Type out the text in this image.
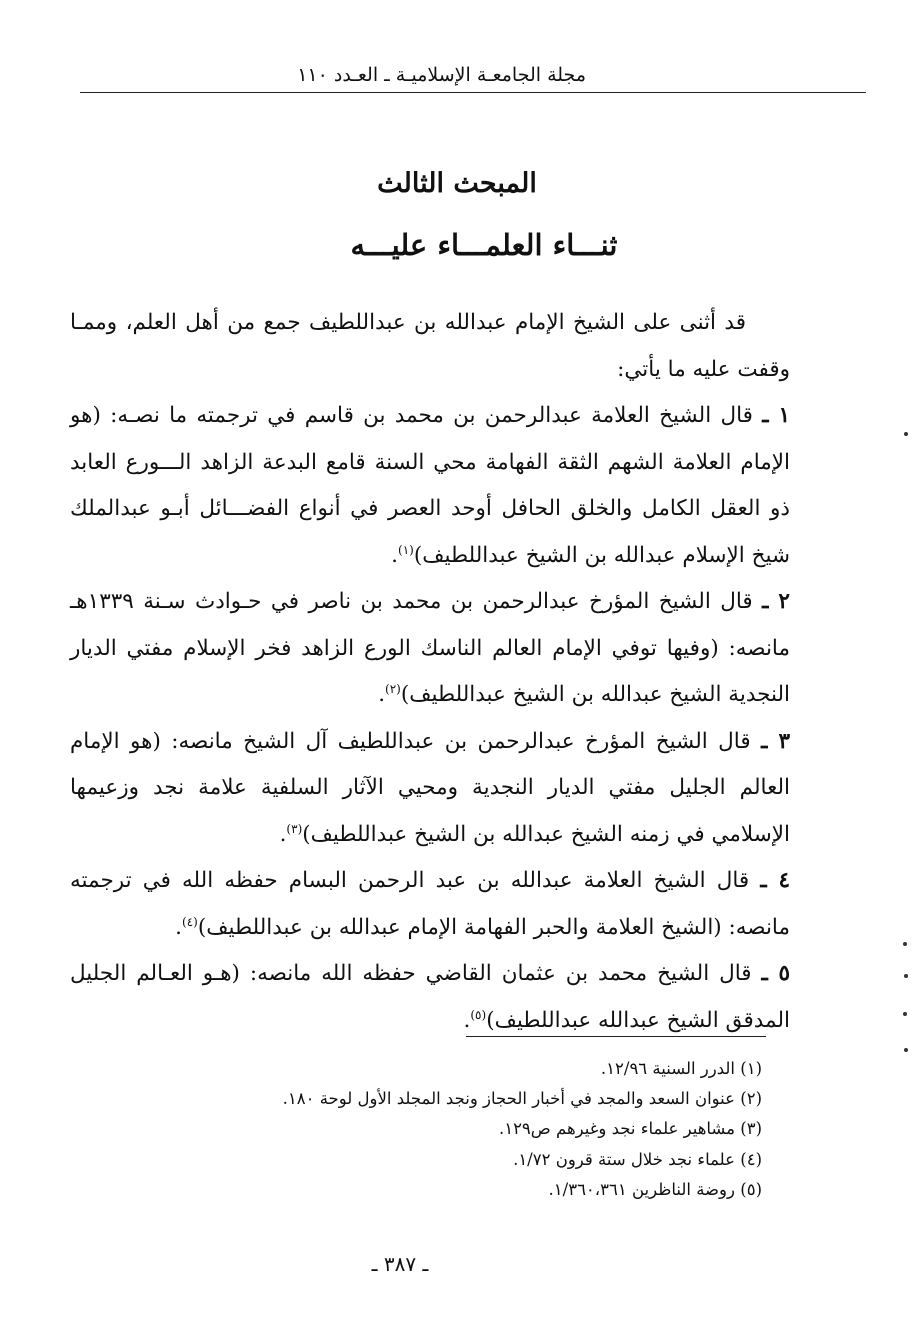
مجلة الجامعـة الإسلاميـة ـ العـدد ١١٠
المبحث الثالث
ثنـــاء العلمـــاء عليـــه

قد أثنى على الشيخ الإمام عبدالله بن عبداللطيف جمع من أهل العلم، وممـا وقفت عليه ما يأتي:

١ ـ قال الشيخ العلامة عبدالرحمن بن محمد بن قاسم في ترجمته ما نصـه: (هو الإمام العلامة الشهم الثقة الفهامة محي السنة قامع البدعة الزاهد الـــورع العابد ذو العقل الكامل والخلق الحافل أوحد العصر في أنواع الفضـــائل أبـو عبدالملك شيخ الإسلام عبدالله بن الشيخ عبداللطيف)$^{(١)}$.

٢ ـ قال الشيخ المؤرخ عبدالرحمن بن محمد بن ناصر في حـوادث سـنة ١٣٣٩هـ مانصه: (وفيها توفي الإمام العالم الناسك الورع الزاهد فخر الإسلام مفتي الديار النجدية الشيخ عبدالله بن الشيخ عبداللطيف)$^{(٢)}$.

٣ ـ قال الشيخ المؤرخ عبدالرحمن بن عبداللطيف آل الشيخ مانصه: (هو الإمام العالم الجليل مفتي الديار النجدية ومحيي الآثار السلفية علامة نجد وزعيمها الإسلامي في زمنه الشيخ عبدالله بن الشيخ عبداللطيف)$^{(٣)}$.

٤ ـ قال الشيخ العلامة عبدالله بن عبد الرحمن البسام حفظه الله في ترجمته مانصه: (الشيخ العلامة والحبر الفهامة الإمام عبدالله بن عبداللطيف)$^{(٤)}$.

٥ ـ قال الشيخ محمد بن عثمان القاضي حفظه الله مانصه: (هـو العـالم الجليل المدقق الشيخ عبدالله عبداللطيف)$^{(٥)}$.

(١) الدرر السنية ١٢/٩٦.

(٢) عنوان السعد والمجد في أخبار الحجاز ونجد المجلد الأول لوحة ١٨٠.

(٣) مشاهير علماء نجد وغيرهم ص١٢٩.

(٤) علماء نجد خلال ستة قرون ١/٧٢.

(٥) روضة الناظرين ١/٣٦٠،٣٦١.

ـ ٣٨٧ ـ
